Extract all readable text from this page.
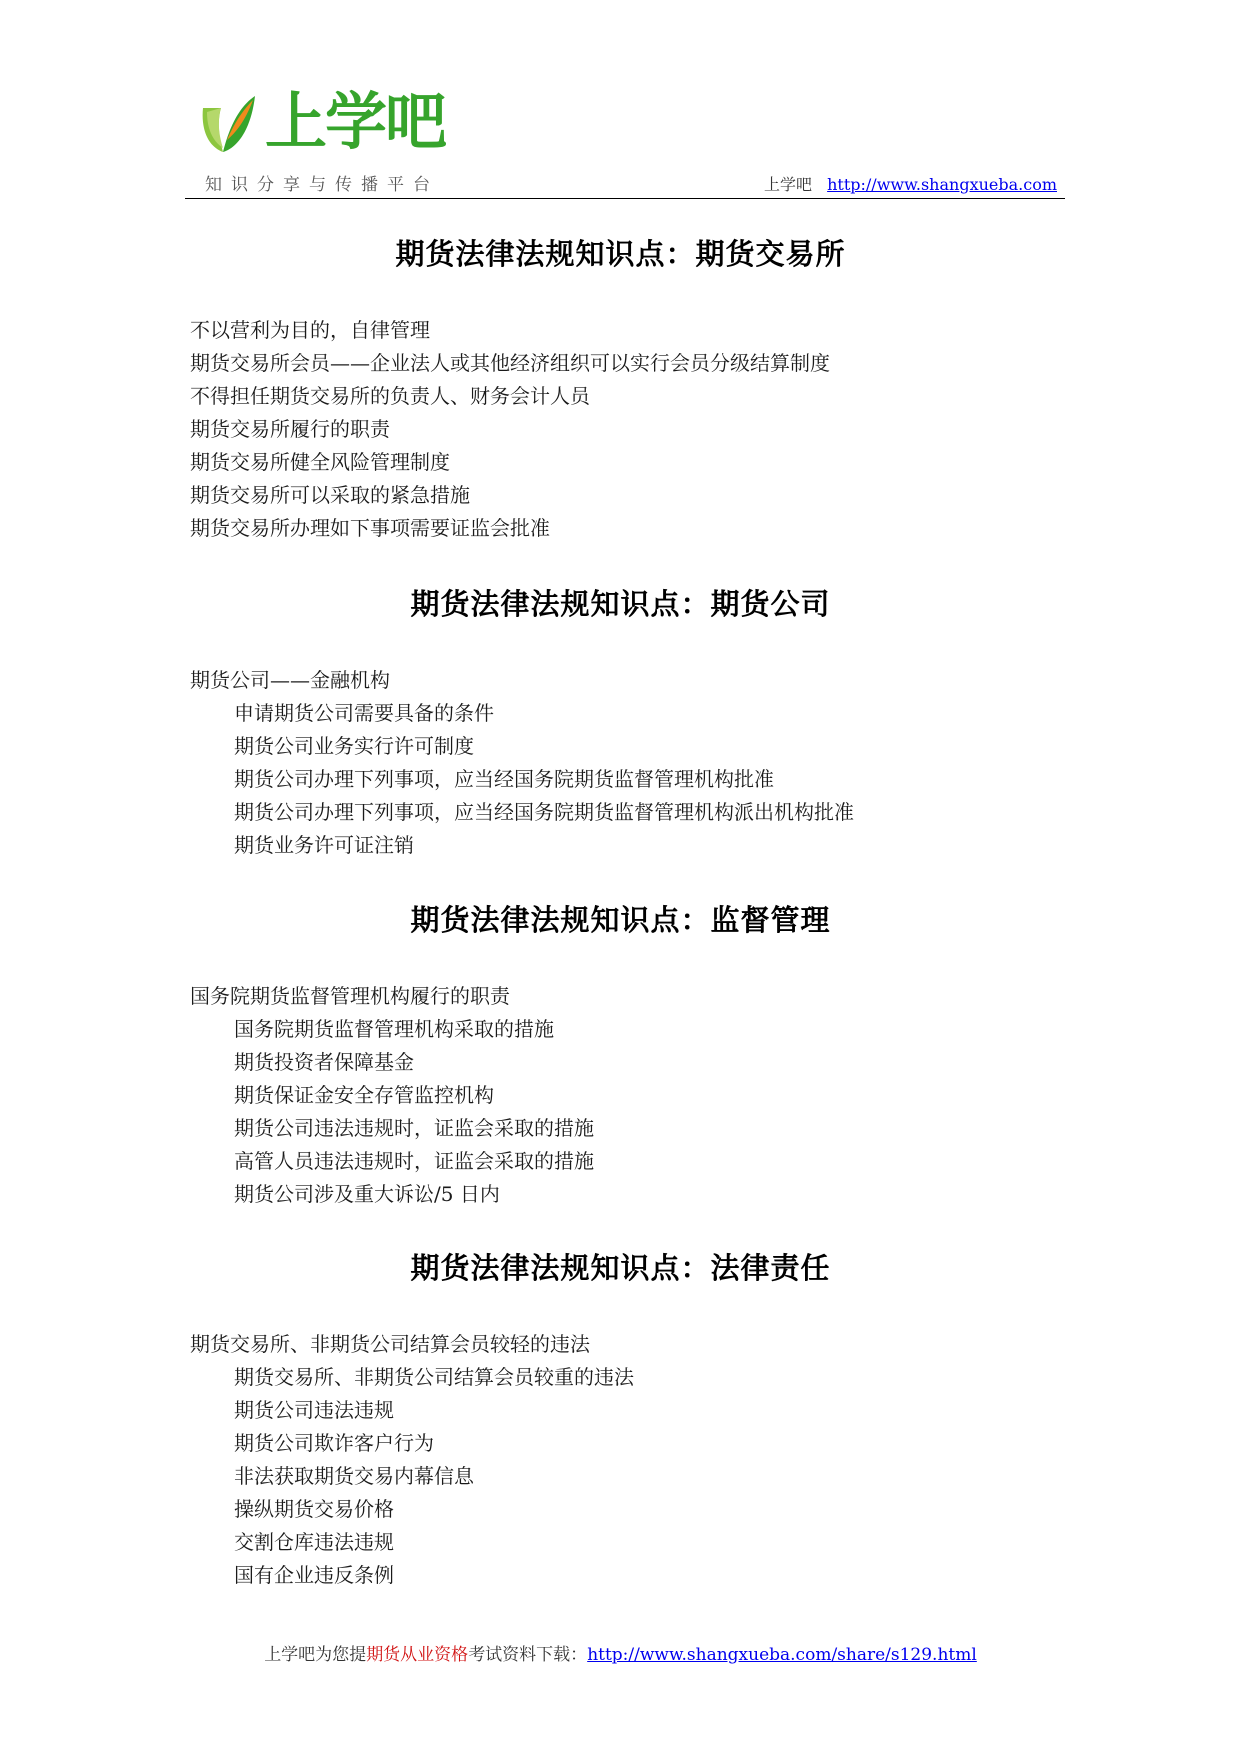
上学吧
知识分享与传播平台	上学吧 http://www.shangxueba.com
期货法律法规知识点：期货交易所
不以营利为目的，自律管理
期货交易所会员——企业法人或其他经济组织可以实行会员分级结算制度
不得担任期货交易所的负责人、财务会计人员
期货交易所履行的职责
期货交易所健全风险管理制度
期货交易所可以采取的紧急措施
期货交易所办理如下事项需要证监会批准
期货法律法规知识点：期货公司
期货公司——金融机构
申请期货公司需要具备的条件
期货公司业务实行许可制度
期货公司办理下列事项，应当经国务院期货监督管理机构批准
期货公司办理下列事项，应当经国务院期货监督管理机构派出机构批准
期货业务许可证注销
期货法律法规知识点：监督管理
国务院期货监督管理机构履行的职责
国务院期货监督管理机构采取的措施
期货投资者保障基金
期货保证金安全存管监控机构
期货公司违法违规时，证监会采取的措施
高管人员违法违规时，证监会采取的措施
期货公司涉及重大诉讼/5 日内
期货法律法规知识点：法律责任
期货交易所、非期货公司结算会员较轻的违法
期货交易所、非期货公司结算会员较重的违法
期货公司违法违规
期货公司欺诈客户行为
非法获取期货交易内幕信息
操纵期货交易价格
交割仓库违法违规
国有企业违反条例
上学吧为您提期货从业资格考试资料下载：http://www.shangxueba.com/share/s129.html
